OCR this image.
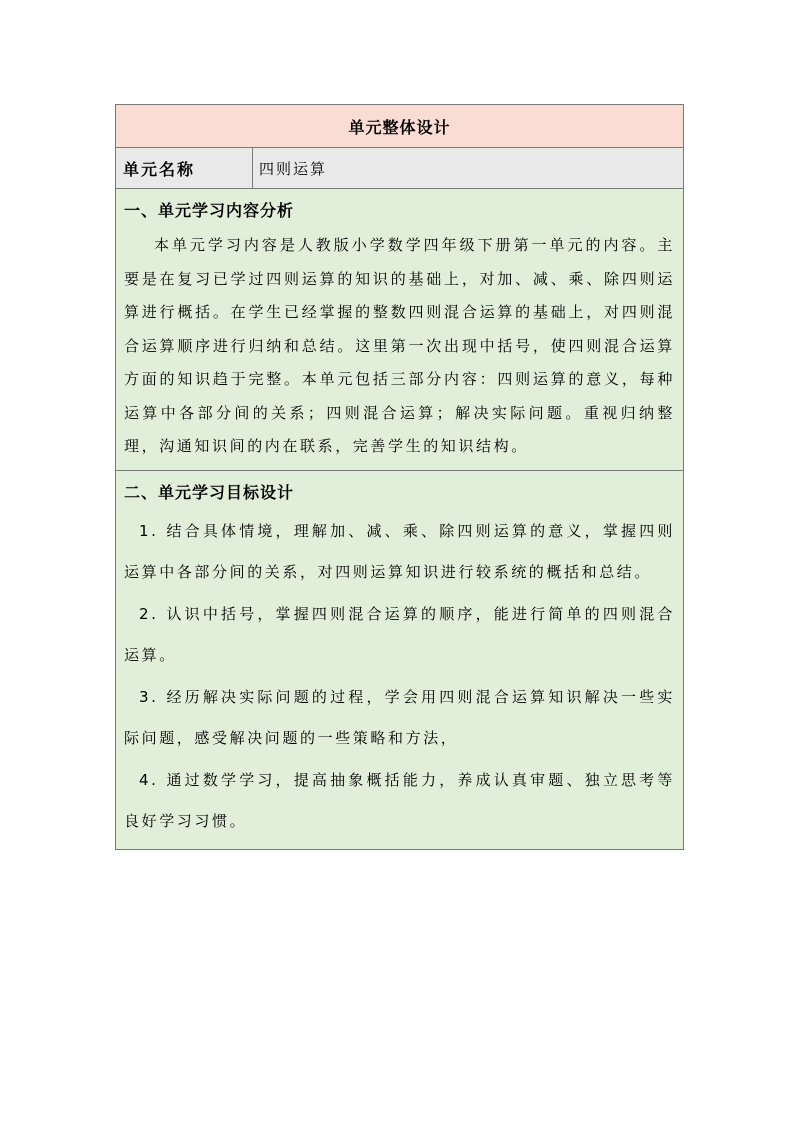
单元整体设计
单元名称	四则运算
一、单元学习内容分析

本单元学习内容是人教版小学数学四年级下册第一单元的内容。主要是在复习已学过四则运算的知识的基础上，对加、减、乘、除四则运算进行概括。在学生已经掌握的整数四则混合运算的基础上，对四则混合运算顺序进行归纳和总结。这里第一次出现中括号，使四则混合运算方面的知识趋于完整。本单元包括三部分内容：四则运算的意义，每种运算中各部分间的关系；四则混合运算；解决实际问题。重视归纳整理，沟通知识间的内在联系，完善学生的知识结构。

二、单元学习目标设计

1. 结合具体情境，理解加、减、乘、除四则运算的意义，掌握四则运算中各部分间的关系，对四则运算知识进行较系统的概括和总结。

2. 认识中括号，掌握四则混合运算的顺序，能进行简单的四则混合运算。

3. 经历解决实际问题的过程，学会用四则混合运算知识解决一些实际问题，感受解决问题的一些策略和方法，

4. 通过数学学习，提高抽象概括能力，养成认真审题、独立思考等良好学习习惯。
